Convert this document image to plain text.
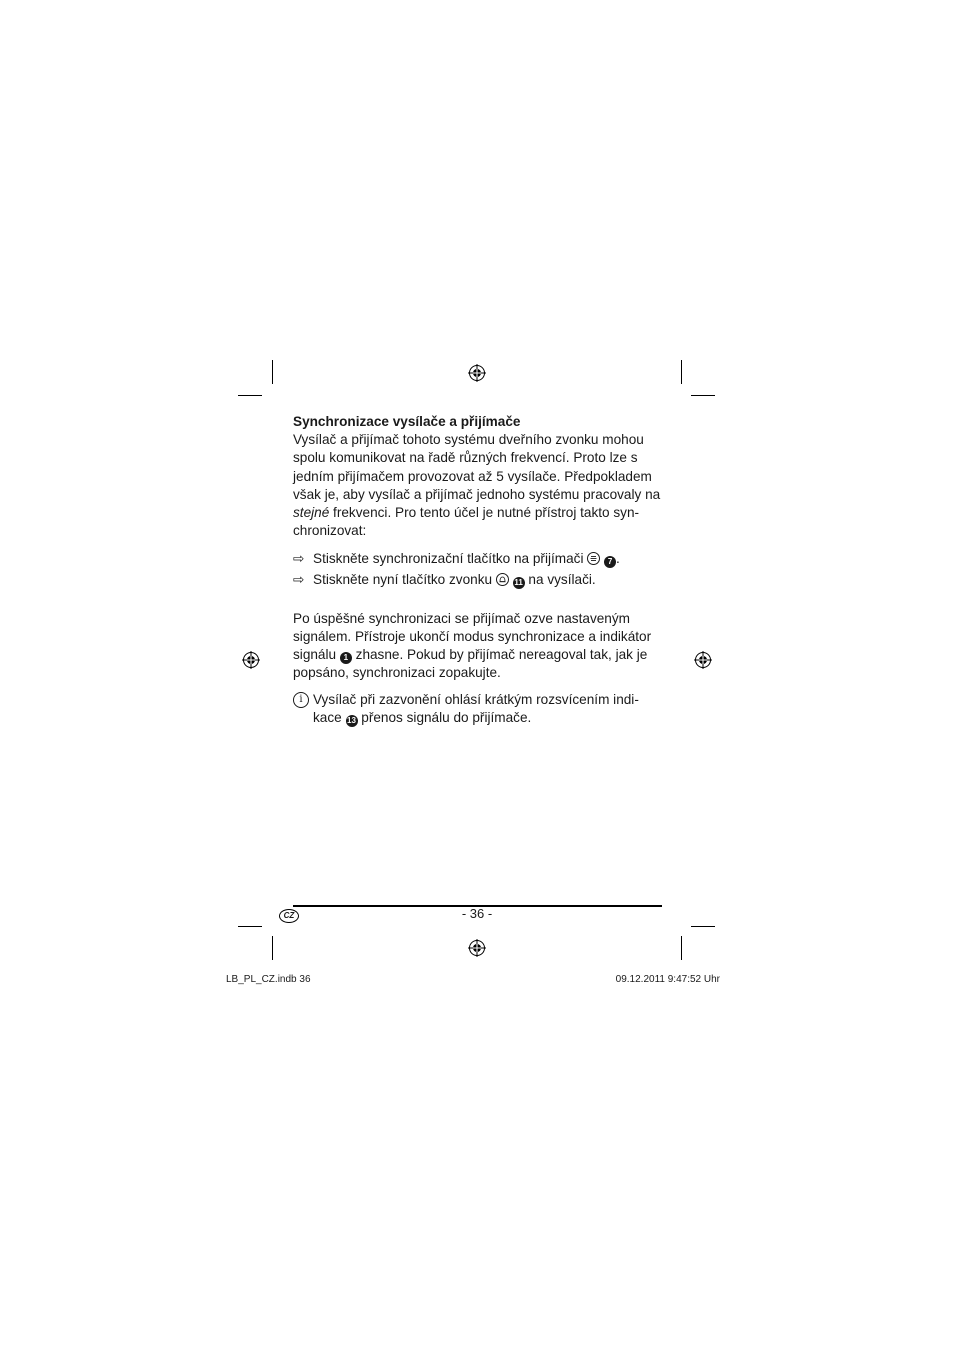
Synchronizace vysílače a přijímače

Vysílač a přijímač tohoto systému dveřního zvonku mohou spolu komunikovat na řadě různých frekvencí. Proto lze s jedním přijímačem provozovat až 5 vysílače. Předpokladem však je, aby vysílač a přijímač jednoho systému pracovaly na stejné frekvenci. Pro tento účel je nutné přístroj takto syn-chronizovat:

⇨ Stiskněte synchronizační tlačítko na přijímači	7 .

⇨ Stiskněte nyní tlačítko zvonku	11 na vysílači.

Po úspěšné synchronizaci se přijímač ozve nastaveným signálem. Přístroje ukončí modus synchronizace a indikátor signálu 1 zhasne. Pokud by přijímač nereagoval tak, jak je popsáno, synchronizaci zopakujte.

i Vysílač při zazvonění ohlásí krátkým rozsvícením indi-kace 13 přenos signálu do přijímače.

CZ	- 36 -
LB_PL_CZ.indb 36	09.12.2011 9:47:52 Uhr
